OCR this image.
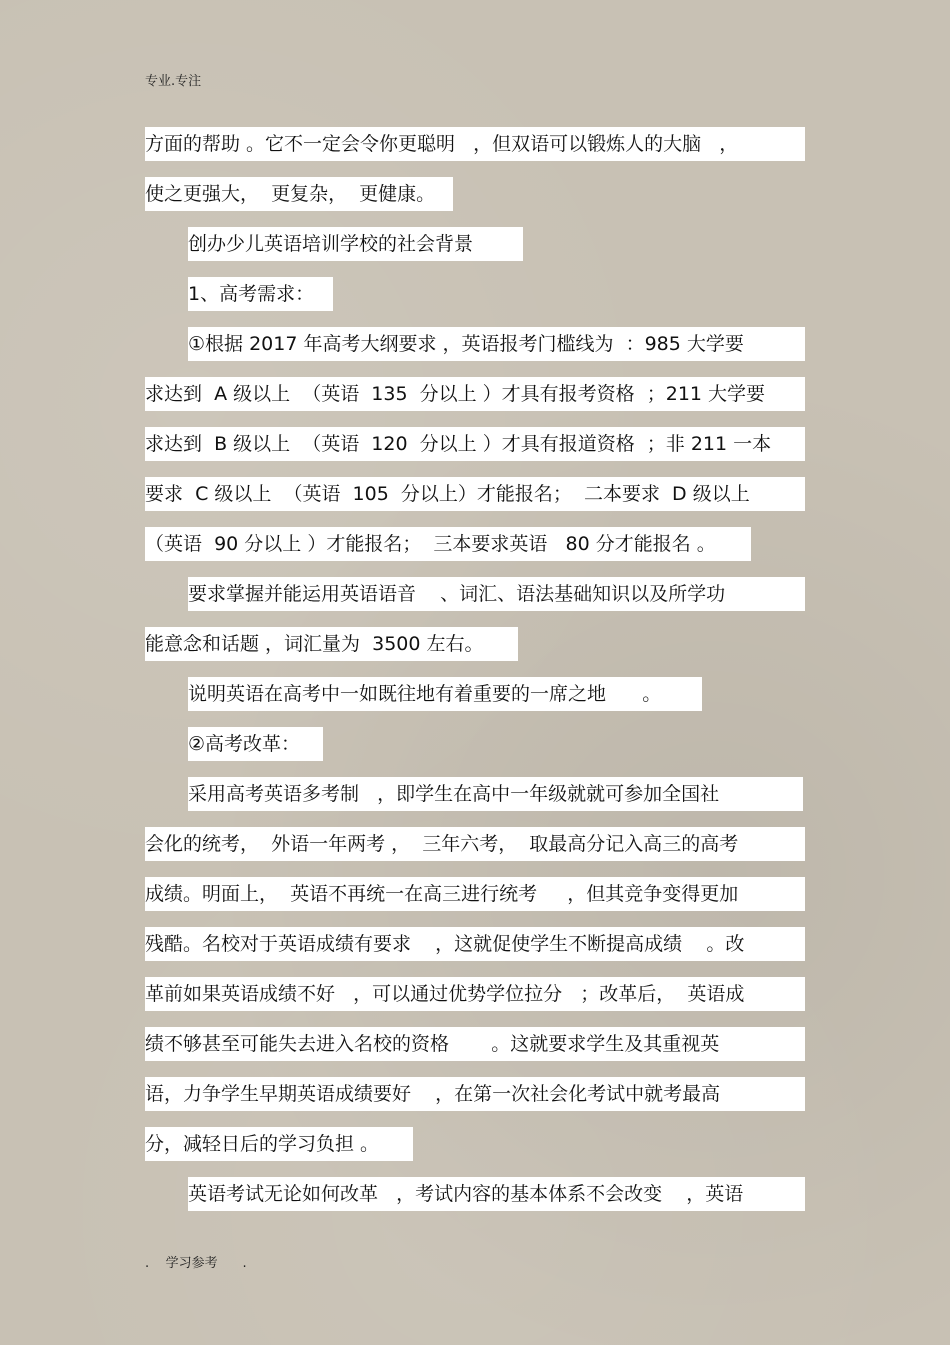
专业.专注
方面的帮助 。它不一定会令你更聪明   ，但双语可以锻炼人的大脑   ，
使之更强大，  更复杂，  更健康。
创办少儿英语培训学校的社会背景
1、高考需求：
①根据 2017 年高考大纲要求 ，英语报考门槛线为  ：985 大学要
求达到  A 级以上  （英语  135  分以上 ）才具有报考资格  ；211 大学要
求达到  B 级以上  （英语  120  分以上 ）才具有报道资格  ；非 211 一本
要求  C 级以上  （英语  105  分以上）才能报名；  二本要求  D 级以上
（英语  90 分以上 ）才能报名；  三本要求英语   80 分才能报名 。
要求掌握并能运用英语语音    、词汇、语法基础知识以及所学功
能意念和话题 ，词汇量为  3500 左右。
说明英语在高考中一如既往地有着重要的一席之地      。
②高考改革：
采用高考英语多考制   ，即学生在高中一年级就就可参加全国社
会化的统考，  外语一年两考 ，  三年六考，  取最高分记入高三的高考
成绩。明面上，  英语不再统一在高三进行统考     ，但其竞争变得更加
残酷。名校对于英语成绩有要求    ，这就促使学生不断提高成绩    。改
革前如果英语成绩不好   ，可以通过优势学位拉分   ；改革后，  英语成
绩不够甚至可能失去进入名校的资格       。这就要求学生及其重视英
语，力争学生早期英语成绩要好    ，在第一次社会化考试中就考最高
分，减轻日后的学习负担 。
英语考试无论如何改革   ，考试内容的基本体系不会改变    ，英语
.    学习参考      .
